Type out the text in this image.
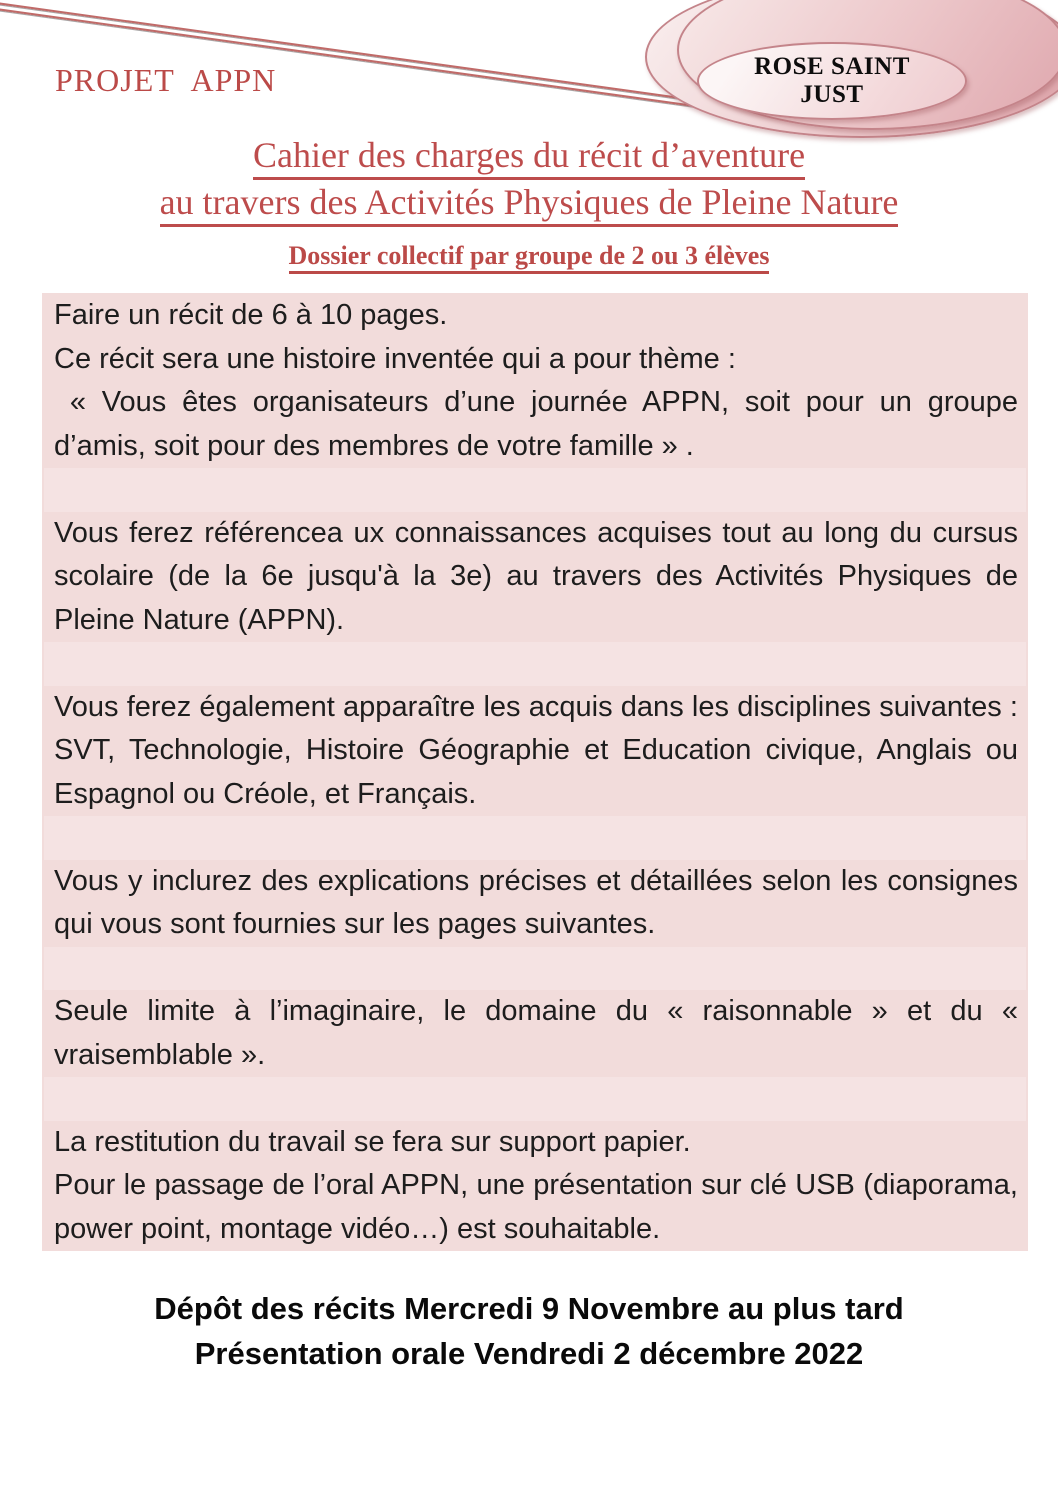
ROSE SAINT
JUST
PROJET  APPN
Cahier des charges du récit d’aventure
au travers des Activités Physiques de Pleine Nature
Dossier collectif par groupe de 2 ou 3 élèves
Faire un récit de 6 à 10 pages.
Ce récit sera une histoire inventée qui a pour thème :
« Vous êtes organisateurs d’une journée APPN, soit pour un groupe d’amis, soit pour des membres de votre famille » .
Vous ferez référencea ux connaissances acquises tout au long du cursus scolaire (de la 6e jusqu'à la 3e) au travers des Activités Physiques de Pleine Nature (APPN).
Vous ferez également apparaître les acquis dans les disciplines suivantes : SVT, Technologie, Histoire Géographie et Education civique, Anglais ou Espagnol ou Créole, et Français.
Vous y inclurez des explications précises et détaillées selon les consignes qui vous sont fournies sur les pages suivantes.
Seule limite à l’imaginaire, le domaine du « raisonnable » et du « vraisemblable ».
La restitution du travail se fera sur support papier.
Pour le passage de l’oral APPN, une présentation sur clé USB (diaporama, power point, montage vidéo…) est souhaitable.
Dépôt des récits Mercredi 9 Novembre au plus tard
Présentation orale Vendredi 2 décembre 2022
